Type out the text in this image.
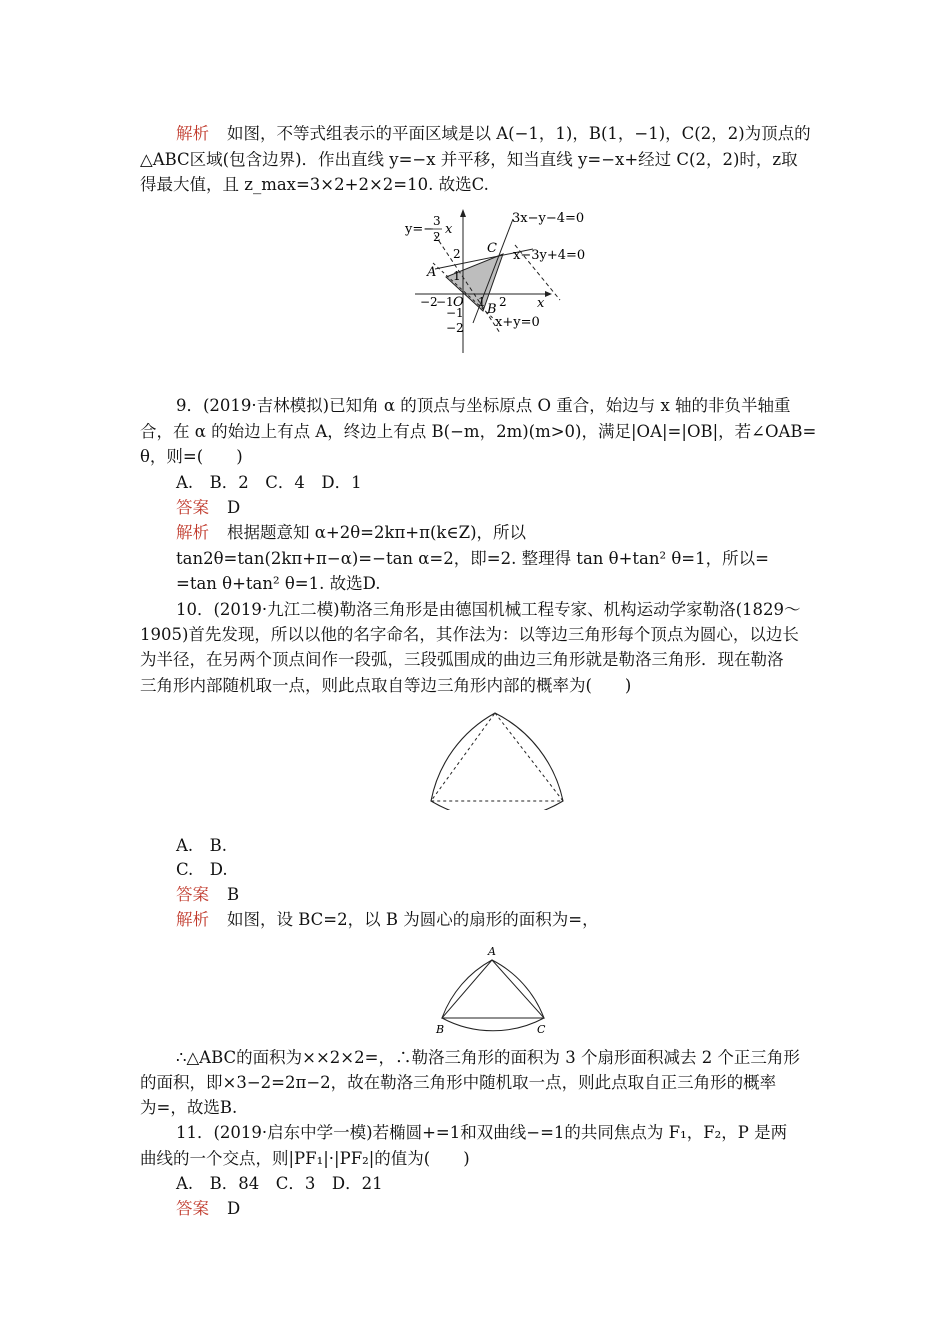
解析 如图，不等式组表示的平面区域是以 A(−1，1)，B(1，−1)，C(2，2)为顶点的
△ABC区域(包含边界)．作出直线 y=−x 并平移，知当直线 y=−x+经过 C(2，2)时，z取
得最大值，且 z_max=3×2+2×2=10. 故选C.
y=−
3
2 x
3x−y−4=0
x−3y+4=0
x+y=0
A
B
C
O	x
2
1
−1
−2
−2
−1 1 2
9．(2019·吉林模拟)已知角 α 的顶点与坐标原点 O 重合，始边与 x 轴的非负半轴重
合，在 α 的始边上有点 A，终边上有点 B(−m，2m)(m>0)，满足|OA|=|OB|，若∠OAB=
θ，则=(　　)
A.　B．2　C．4　D．1
答案 D
解析 根据题意知 α+2θ=2kπ+π(k∈Z)，所以
tan2θ=tan(2kπ+π−α)=−tan α=2，即=2. 整理得 tan θ+tan² θ=1，所以=
=tan θ+tan² θ=1. 故选D.
10．(2019·九江二模)勒洛三角形是由德国机械工程专家、机构运动学家勒洛(1829～
1905)首先发现，所以以他的名字命名，其作法为：以等边三角形每个顶点为圆心，以边长
为半径，在另两个顶点间作一段弧，三段弧围成的曲边三角形就是勒洛三角形．现在勒洛
三角形内部随机取一点，则此点取自等边三角形内部的概率为(　　)
A.　B.
C.　D.
答案 B
解析 如图，设 BC=2，以 B 为圆心的扇形的面积为=，
A
B	C
∴△ABC的面积为××2×2=，∴勒洛三角形的面积为 3 个扇形面积减去 2 个正三角形
的面积，即×3−2=2π−2，故在勒洛三角形中随机取一点，则此点取自正三角形的概率
为=，故选B.
11．(2019·启东中学一模)若椭圆+=1和双曲线−=1的共同焦点为 F₁，F₂，P 是两
曲线的一个交点，则|PF₁|·|PF₂|的值为(　　)
A.　B．84　C．3　D．21
答案 D
